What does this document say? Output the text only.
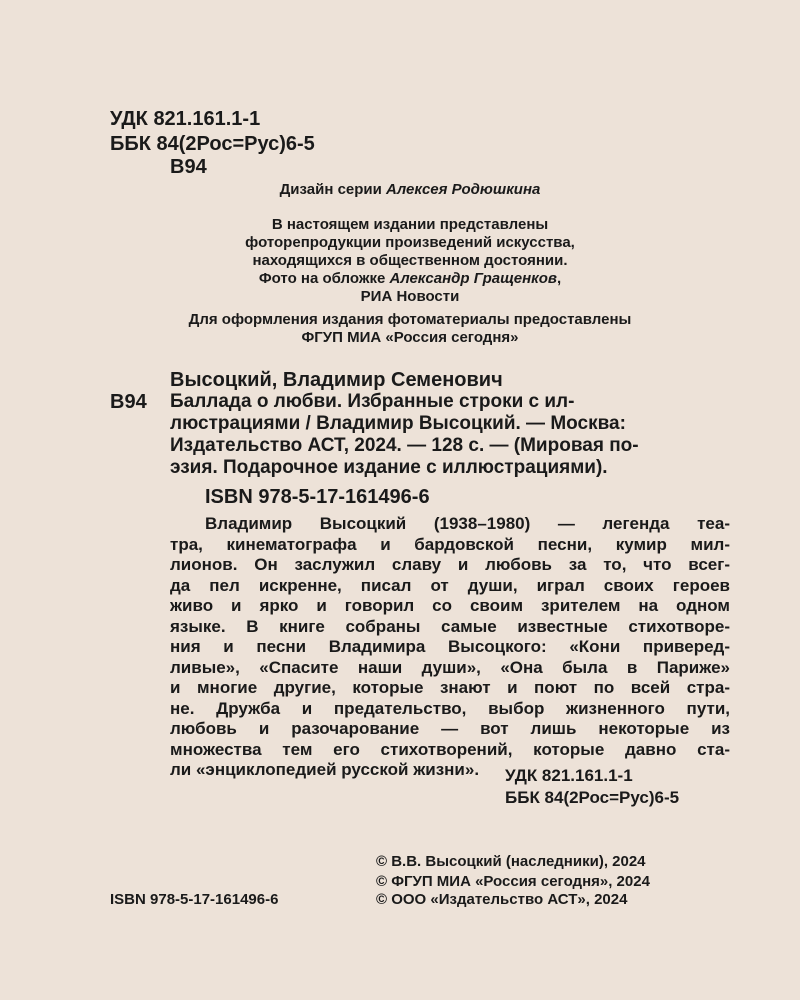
УДК 821.161.1-1
ББК 84(2Рос=Рус)6-5
В94
Дизайн серии Алексея Родюшкина
В настоящем издании представлены
фоторепродукции произведений искусства,
находящихся в общественном достоянии.
Фото на обложке Александр Гращенков,
РИА Новости
Для оформления издания фотоматериалы предоставлены
ФГУП МИА «Россия сегодня»
Высоцкий, Владимир Семенович
В94 Баллада о любви. Избранные строки с ил-
люстрациями / Владимир Высоцкий. — Москва:
Издательство АСТ, 2024. — 128 с. — (Мировая по-
эзия. Подарочное издание с иллюстрациями).
ISBN 978-5-17-161496-6
Владимир Высоцкий (1938–1980) — легенда теа-
тра, кинематографа и бардовской песни, кумир мил-
лионов. Он заслужил славу и любовь за то, что всег-
да пел искренне, писал от души, играл своих героев
живо и ярко и говорил со своим зрителем на одном
языке. В книге собраны самые известные стихотворе-
ния и песни Владимира Высоцкого: «Кони приверед-
ливые», «Спасите наши души», «Она была в Париже»
и многие другие, которые знают и поют по всей стра-
не. Дружба и предательство, выбор жизненного пути,
любовь и разочарование — вот лишь некоторые из
множества тем его стихотворений, которые давно ста-
ли «энциклопедией русской жизни».	УДК 821.161.1-1
ББК 84(2Рос=Рус)6-5
© В.В. Высоцкий (наследники), 2024
© ФГУП МИА «Россия сегодня», 2024
ISBN 978-5-17-161496-6	© ООО «Издательство АСТ», 2024
